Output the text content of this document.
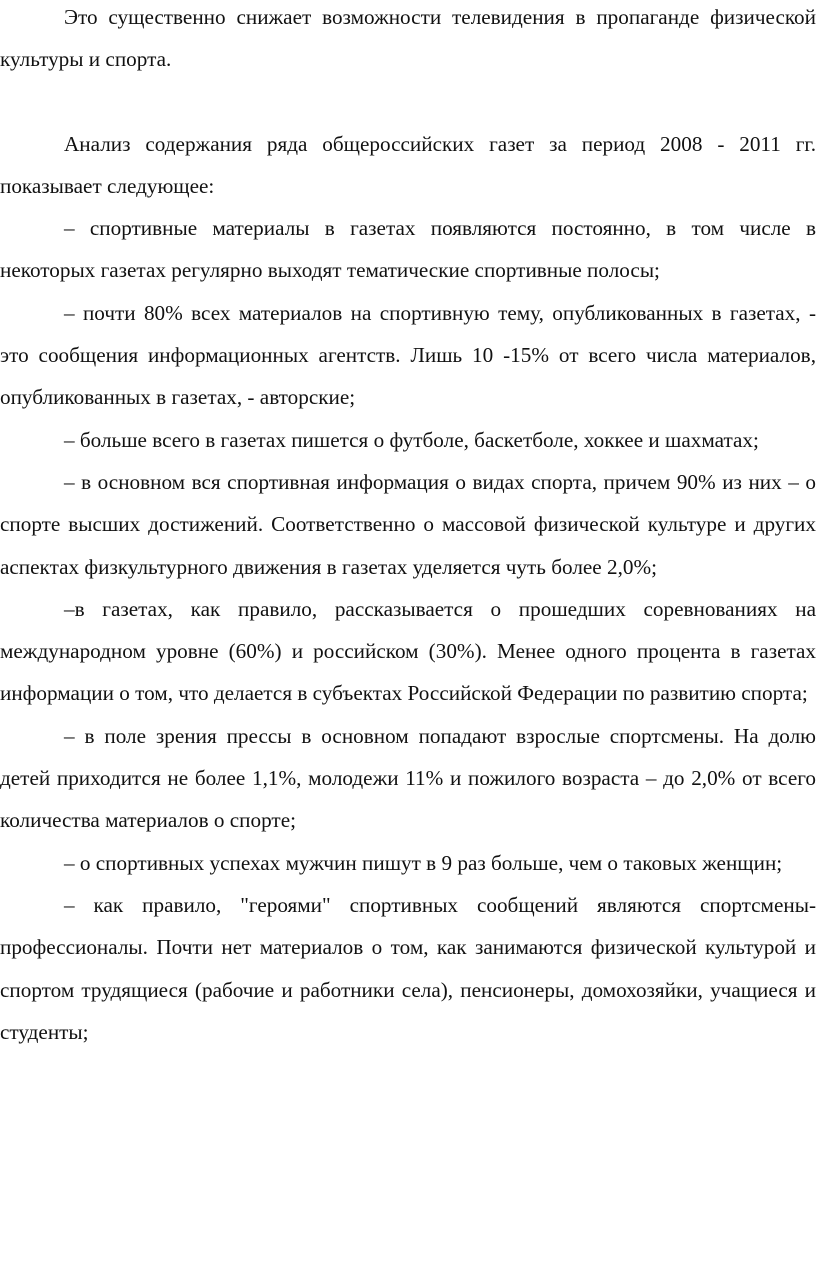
Это существенно снижает возможности телевидения в пропаганде физической культуры и спорта.

Анализ содержания ряда общероссийских газет за период 2008 - 2011 гг. показывает следующее:

– спортивные материалы в газетах появляются постоянно, в том числе в некоторых газетах регулярно выходят тематические спортивные полосы;

– почти 80% всех материалов на спортивную тему, опубликованных в газетах, - это сообщения информационных агентств. Лишь 10 -15% от всего числа материалов, опубликованных в газетах, - авторские;

– больше всего в газетах пишется о футболе, баскетболе, хоккее и шахматах;

– в основном вся спортивная информация о видах спорта, причем 90% из них – о спорте высших достижений. Соответственно о массовой физической культуре и других аспектах физкультурного движения в газетах уделяется чуть более 2,0%;

–в газетах, как правило, рассказывается о прошедших соревнованиях на международном уровне (60%) и российском (30%). Менее одного процента в газетах информации о том, что делается в субъектах Российской Федерации по развитию спорта;

– в поле зрения прессы в основном попадают взрослые спортсмены. На долю детей приходится не более 1,1%, молодежи 11% и пожилого возраста – до 2,0% от всего количества материалов о спорте;

– о спортивных успехах мужчин пишут в 9 раз больше, чем о таковых женщин;

– как правило, "героями" спортивных сообщений являются спортсмены-профессионалы. Почти нет материалов о том, как занимаются физической культурой и спортом трудящиеся (рабочие и работники села), пенсионеры, домохозяйки, учащиеся и студенты;
